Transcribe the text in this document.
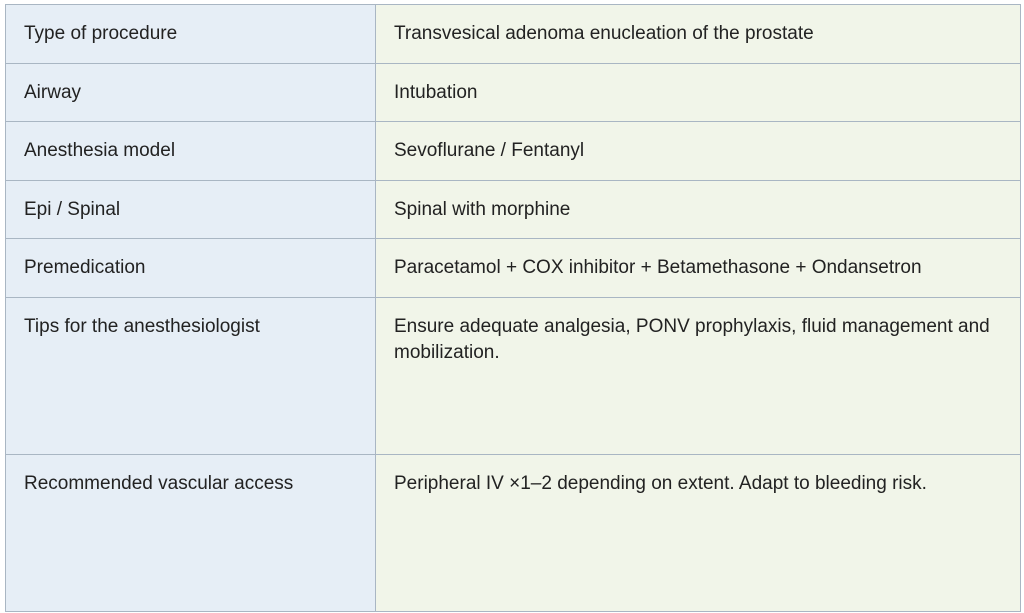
Type of procedure	Transvesical adenoma enucleation of the prostate
Airway	Intubation
Anesthesia model	Sevoflurane / Fentanyl
Epi / Spinal	Spinal with morphine
Premedication	Paracetamol + COX inhibitor + Betamethasone + Ondansetron
Tips for the anesthesiologist	Ensure adequate analgesia, PONV prophylaxis, fluid management and mobilization.
Recommended vascular access	Peripheral IV ×1–2 depending on extent. Adapt to bleeding risk.
